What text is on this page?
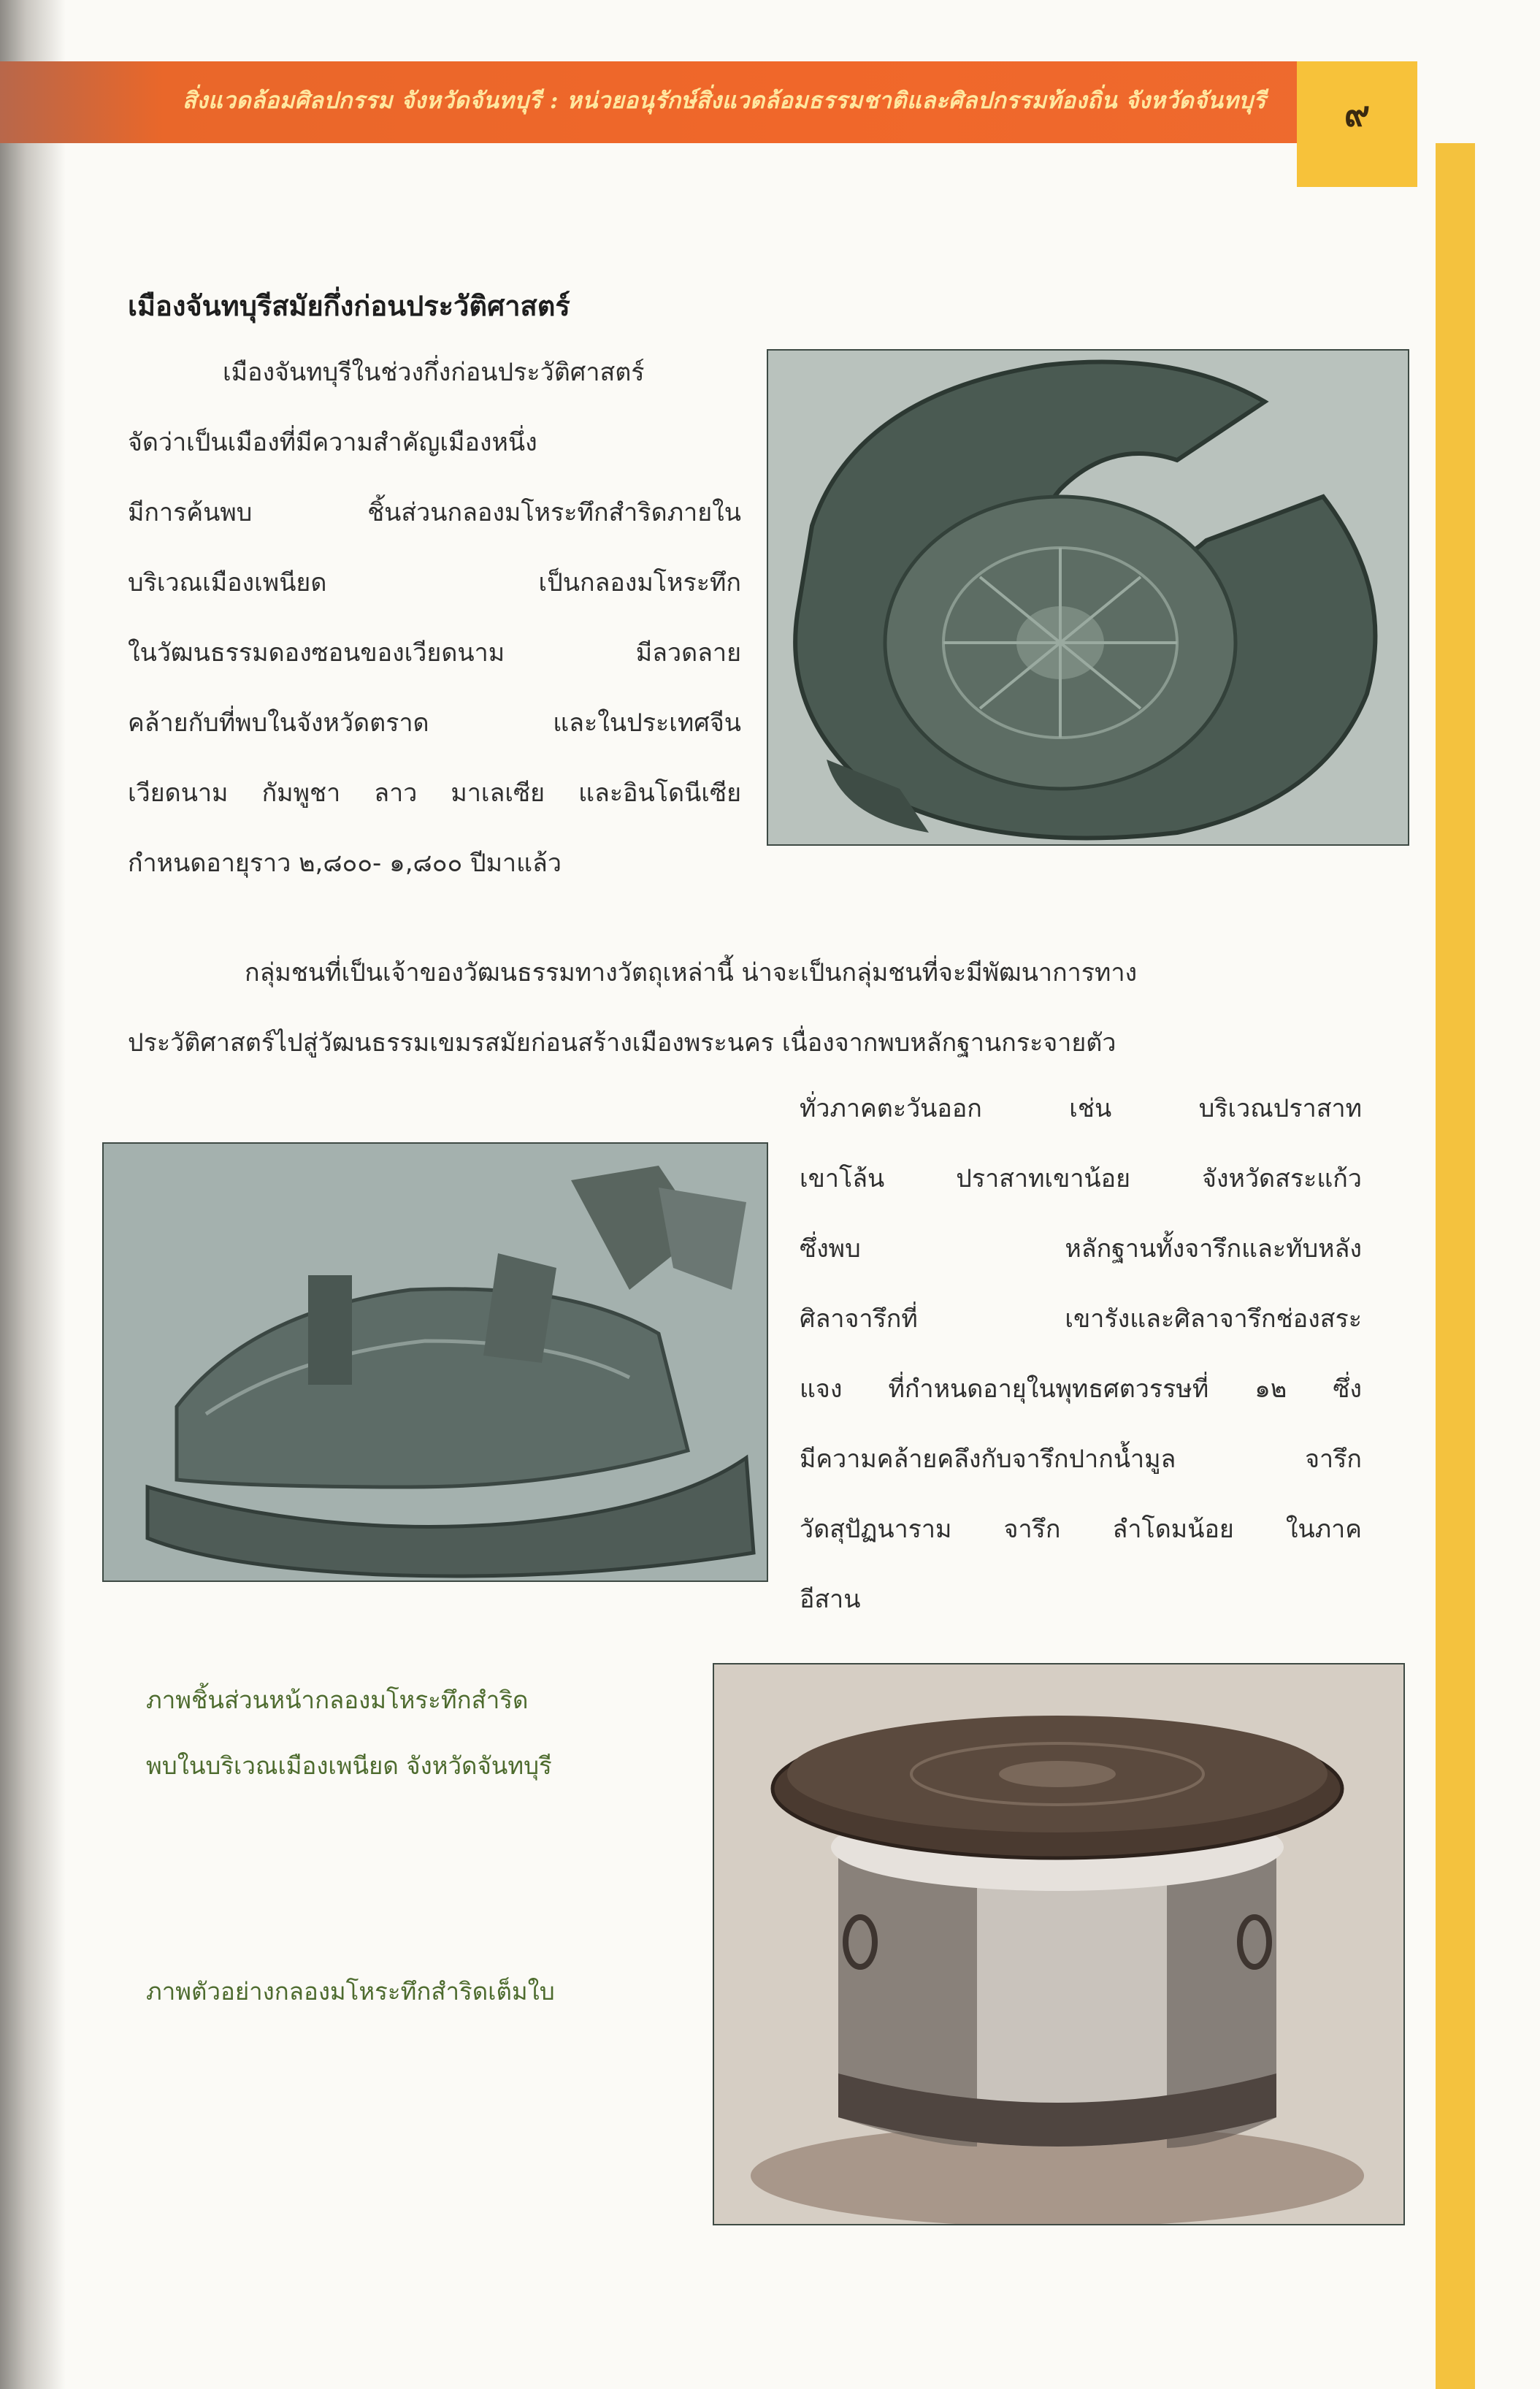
สิ่งแวดล้อมศิลปกรรม จังหวัดจันทบุรี : หน่วยอนุรักษ์สิ่งแวดล้อมธรรมชาติและศิลปกรรมท้องถิ่น จังหวัดจันทบุรี	๙
เมืองจันทบุรีสมัยกึ่งก่อนประวัติศาสตร์
เมืองจันทบุรีในช่วงกึ่งก่อนประวัติศาสตร์
จัดว่าเป็นเมืองที่มีความสำคัญเมืองหนึ่ง
มีการค้นพบ ชิ้นส่วนกลองมโหระทึกสำริดภายใน
บริเวณเมืองเพนียด เป็นกลองมโหระทึก
ในวัฒนธรรมดองซอนของเวียดนาม มีลวดลาย
คล้ายกับที่พบในจังหวัดตราด และในประเทศจีน
เวียดนาม กัมพูชา ลาว มาเลเซีย และอินโดนีเซีย
กำหนดอายุราว ๒,๘๐๐- ๑,๘๐๐ ปีมาแล้ว
กลุ่มชนที่เป็นเจ้าของวัฒนธรรมทางวัตถุเหล่านี้ น่าจะเป็นกลุ่มชนที่จะมีพัฒนาการทาง
ประวัติศาสตร์ไปสู่วัฒนธรรมเขมรสมัยก่อนสร้างเมืองพระนคร เนื่องจากพบหลักฐานกระจายตัว
ทั่วภาคตะวันออก เช่น บริเวณปราสาท
เขาโล้น ปราสาทเขาน้อย จังหวัดสระแก้ว
ซึ่งพบ หลักฐานทั้งจารึกและทับหลัง
ศิลาจารึกที่ เขารังและศิลาจารึกช่องสระ
แจง ที่กำหนดอายุในพุทธศตวรรษที่ ๑๒ ซึ่ง
มีความคล้ายคลึงกับจารึกปากน้ำมูล จารึก
วัดสุปัฏนาราม จารึก ลำโดมน้อย ในภาค
อีสาน
ภาพชิ้นส่วนหน้ากลองมโหระทึกสำริด
พบในบริเวณเมืองเพนียด จังหวัดจันทบุรี
ภาพตัวอย่างกลองมโหระทึกสำริดเต็มใบ
